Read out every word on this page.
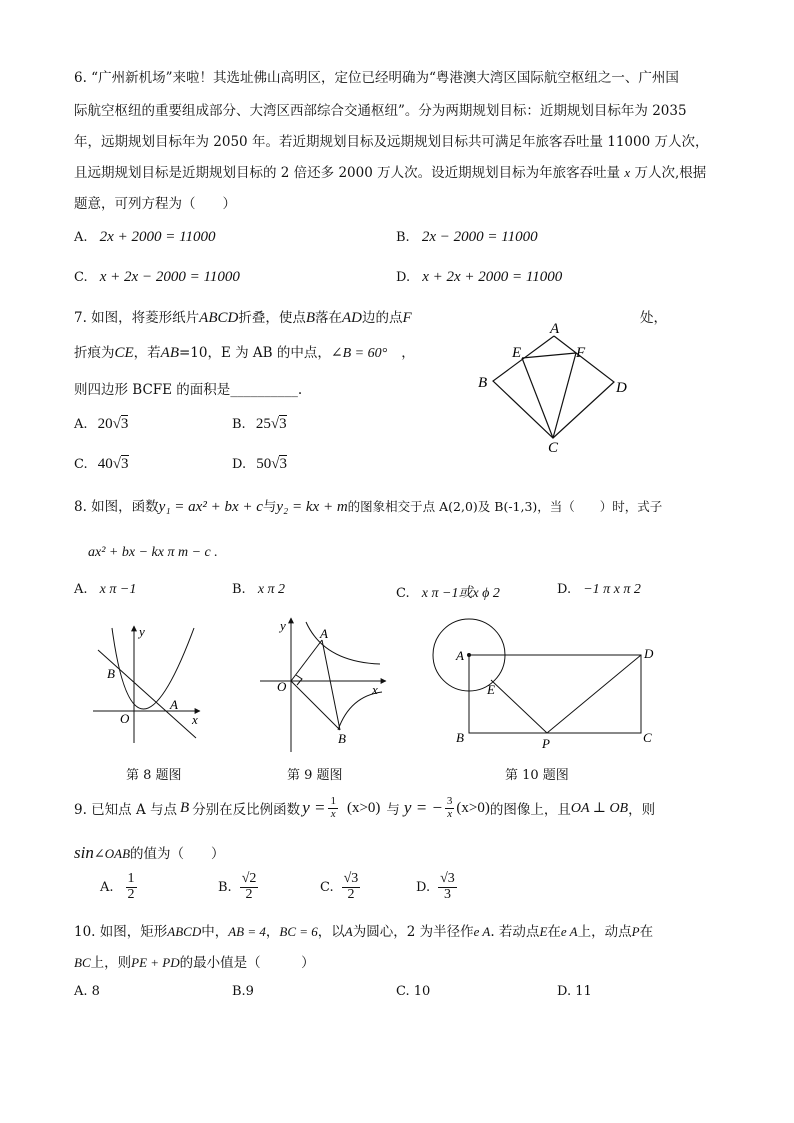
6. “广州新机场”来啦！其选址佛山高明区，定位已经明确为“粤港澳大湾区国际航空枢纽之一、广州国
际航空枢纽的重要组成部分、大湾区西部综合交通枢纽”。分为两期规划目标：近期规划目标年为 2035
年，远期规划目标年为 2050 年。若近期规划目标及远期规划目标共可满足年旅客吞吐量 11000 万人次，
且远期规划目标是近期规划目标的 2 倍还多 2000 万人次。设近期规划目标为年旅客吞吐量 x 万人次,根据
题意，可列方程为（　　）
A. 2x + 2000 = 11000	B. 2x − 2000 = 11000
C. x + 2x − 2000 = 11000	D. x + 2x + 2000 = 11000
7. 如图，将菱形纸片ABCD折叠，使点B落在AD边的点F	处，
折痕为CE，若AB=10，E 为 AB 的中点，∠B = 60° ，
则四边形 BCFE 的面积是__________.
A. 20√3	B. 25√3
C. 40√3	D. 50√3
A
E	F
B	D
C
8. 如图，函数y₁ = ax² + bx + c与y₂ = kx + m的图象相交于点 A(2,0)及 B(-1,3)，当（　　）时，式子
ax² + bx − kx π m − c .
A. x π −1	B. x π 2	C. x π −1或x ϕ 2	D. −1 π x π 2
y
B
O
A
x
y
A
O	x
B
A	D
E
B	P	C
第 8 题图	第 9 题图	第 10 题图
9. 已知点 A 与点 B 分别在反比例函数 $y = \frac{1}{x} (x>0)$ 与 y = − $\frac{3}{x} (x>0)$ 的图像上，且 OA ⊥ OB ，则
sin∠OAB的值为（　　）
A. $\frac{1}{2}$	B. $\frac{√2}{2}$	C. $\frac{√3}{2}$	D. $\frac{√3}{3}$
10. 如图，矩形ABCD中，AB = 4，BC = 6，以A为圆心，2 为半径作e A. 若动点E在e A上，动点P在
BC上，则PE + PD的最小值是（　　　）
A. 8	B.9	C. 10	D. 11
